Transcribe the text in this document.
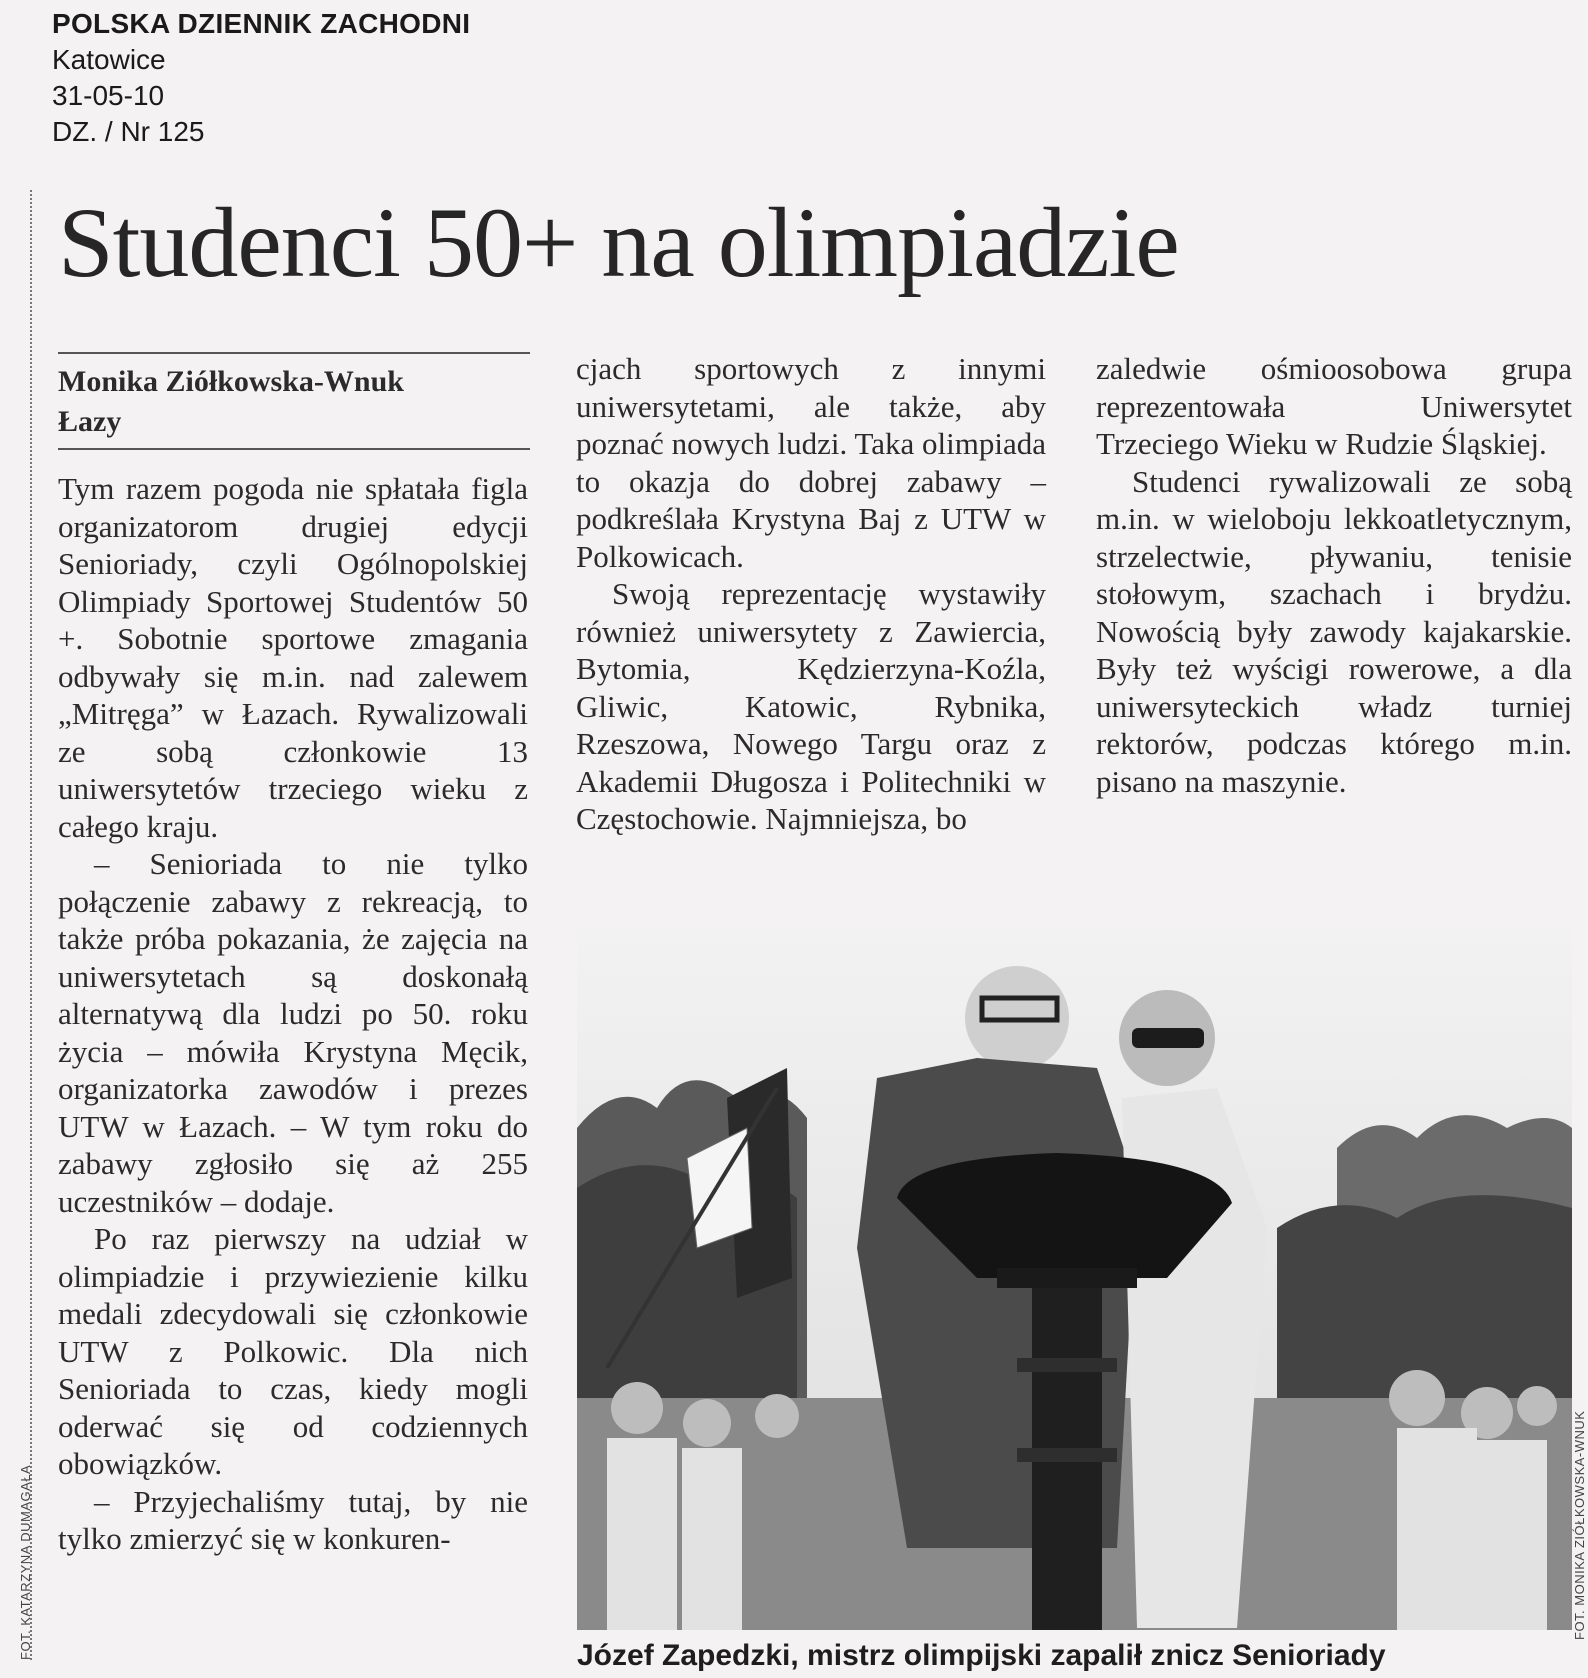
POLSKA DZIENNIK ZACHODNI
Katowice
31-05-10
DZ. / Nr 125
Studenci 50+ na olimpiadzie
Monika Ziółkowska-Wnuk
Łazy

Tym razem pogoda nie spłatała figla organizatorom drugiej edycji Senioriady, czyli Ogólnopolskiej Olimpiady Sportowej Studentów 50 +. Sobotnie sportowe zmagania odbywały się m.in. nad zalewem „Mitręga” w Łazach. Rywalizowali ze sobą członkowie 13 uniwersytetów trzeciego wieku z całego kraju.

– Senioriada to nie tylko połączenie zabawy z rekreacją, to także próba pokazania, że zajęcia na uniwersytetach są doskonałą alternatywą dla ludzi po 50. roku życia – mówiła Krystyna Męcik, organizatorka zawodów i prezes UTW w Łazach. – W tym roku do zabawy zgłosiło się aż 255 uczestników – dodaje.

Po raz pierwszy na udział w olimpiadzie i przywiezienie kilku medali zdecydowali się członkowie UTW z Polkowic. Dla nich Senioriada to czas, kiedy mogli oderwać się od codziennych obowiązków.

– Przyjechaliśmy tutaj, by nie tylko zmierzyć się w konkuren-

cjach sportowych z innymi uniwersytetami, ale także, aby poznać nowych ludzi. Taka olimpiada to okazja do dobrej zabawy – podkreślała Krystyna Baj z UTW w Polkowicach.

Swoją reprezentację wystawiły również uniwersytety z Zawiercia, Bytomia, Kędzierzyna-Koźla, Gliwic, Katowic, Rybnika, Rzeszowa, Nowego Targu oraz z Akademii Długosza i Politechniki w Częstochowie. Najmniejsza, bo

zaledwie ośmioosobowa grupa reprezentowała Uniwersytet Trzeciego Wieku w Rudzie Śląskiej.

Studenci rywalizowali ze sobą m.in. w wieloboju lekkoatletycznym, strzelectwie, pływaniu, tenisie stołowym, szachach i brydżu. Nowością były zawody kajakarskie. Były też wyścigi rowerowe, a dla uniwersyteckich władz turniej rektorów, podczas którego m.in. pisano na maszynie.

Józef Zapedzki, mistrz olimpijski zapalił znicz Senioriady
FOT. KATARZYNA DUMAGAŁA	FOT. MONIKA ZIÓŁKOWSKA-WNUK
